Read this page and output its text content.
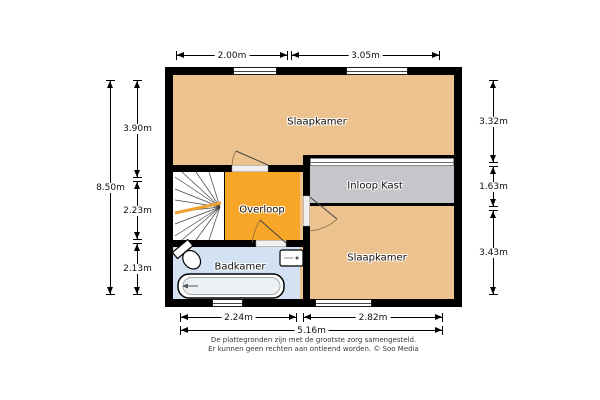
Slaapkamer
Inloop Kast
Overloop
Badkamer
Slaapkamer
2.00m	3.05m
2.24m	2.82m
5.16m
8.50m
3.90m
2.23m
2.13m
3.32m
1.63m
3.43m
De plattegronden zijn met de grootste zorg samengesteld.
Er kunnen geen rechten aan ontleend worden. © Soo Media
